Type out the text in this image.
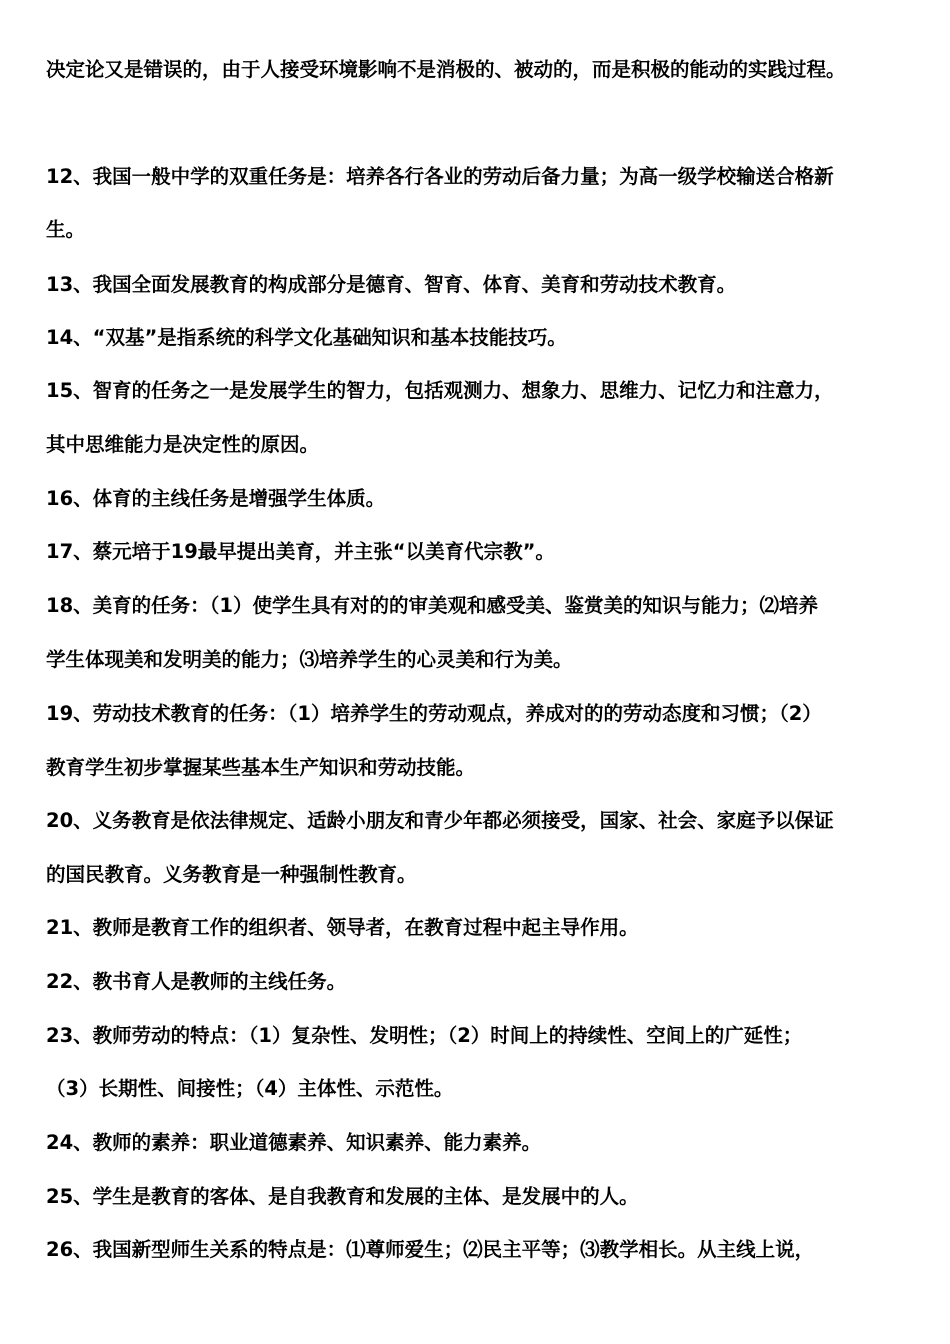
决定论又是错误的，由于人接受环境影响不是消极的、被动的，而是积极的能动的实践过程。
12、我国一般中学的双重任务是：培养各行各业的劳动后备力量；为高一级学校输送合格新
生。
13、我国全面发展教育的构成部分是德育、智育、体育、美育和劳动技术教育。
14、“双基”是指系统的科学文化基础知识和基本技能技巧。
15、智育的任务之一是发展学生的智力，包括观测力、想象力、思维力、记忆力和注意力，
其中思维能力是决定性的原因。
16、体育的主线任务是增强学生体质。
17、蔡元培于19最早提出美育，并主张“以美育代宗教”。
18、美育的任务：（1）使学生具有对的的审美观和感受美、鉴赏美的知识与能力；⑵培养
学生体现美和发明美的能力；⑶培养学生的心灵美和行为美。
19、劳动技术教育的任务：（1）培养学生的劳动观点，养成对的的劳动态度和习惯；（2）
教育学生初步掌握某些基本生产知识和劳动技能。
20、义务教育是依法律规定、适龄小朋友和青少年都必须接受，国家、社会、家庭予以保证
的国民教育。义务教育是一种强制性教育。
21、教师是教育工作的组织者、领导者，在教育过程中起主导作用。
22、教书育人是教师的主线任务。
23、教师劳动的特点：（1）复杂性、发明性；（2）时间上的持续性、空间上的广延性；
（3）长期性、间接性；（4）主体性、示范性。
24、教师的素养：职业道德素养、知识素养、能力素养。
25、学生是教育的客体、是自我教育和发展的主体、是发展中的人。
26、我国新型师生关系的特点是：⑴尊师爱生；⑵民主平等；⑶教学相长。从主线上说，
